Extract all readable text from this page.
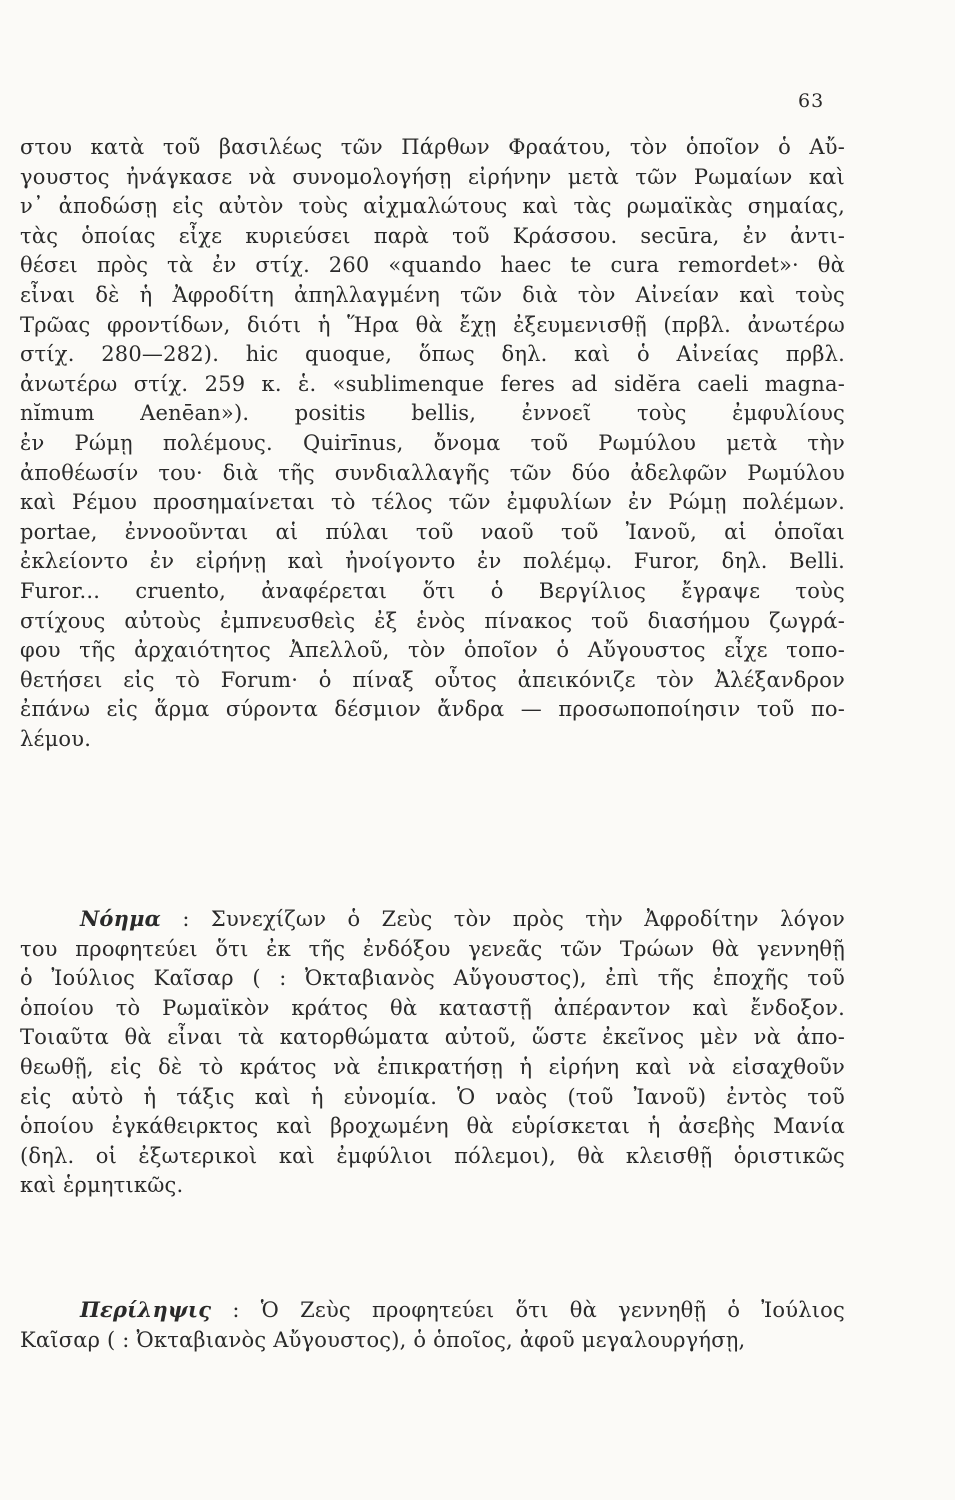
63
στου κατὰ τοῦ βασιλέως τῶν Πάρθων Φραάτου, τὸν ὁποῖον ὁ Αὔ-
γουστος ἠνάγκασε νὰ συνομολογήσῃ εἰρήνην μετὰ τῶν Ρωμαίων καὶ
ν᾽ ἀποδώσῃ εἰς αὐτὸν τοὺς αἰχμαλώτους καὶ τὰς ρωμαϊκὰς σημαίας,
τὰς ὁποίας εἶχε κυριεύσει παρὰ τοῦ Κράσσου. secūra, ἐν ἀντι-
θέσει πρὸς τὰ ἐν στίχ. 260 «quando haec te cura remordet»· θὰ
εἶναι δὲ ἡ Ἀφροδίτη ἀπηλλαγμένη τῶν διὰ τὸν Αἰνείαν καὶ τοὺς
Τρῶας φροντίδων, διότι ἡ Ἥρα θὰ ἔχῃ ἐξευμενισθῇ (πρβλ. ἀνωτέρω
στίχ. 280—282). hic quoque, ὅπως δηλ. καὶ ὁ Αἰνείας πρβλ.
ἀνωτέρω στίχ. 259 κ. ἑ. «sublimenque feres ad sidĕra caeli magna-
nĭmum Aenēan»). positis bellis, ἐννοεῖ τοὺς ἐμφυλίους
ἐν Ρώμῃ πολέμους. Quirīnus, ὄνομα τοῦ Ρωμύλου μετὰ τὴν
ἀποθέωσίν του· διὰ τῆς συνδιαλλαγῆς τῶν δύο ἀδελφῶν Ρωμύλου
καὶ Ρέμου προσημαίνεται τὸ τέλος τῶν ἐμφυλίων ἐν Ρώμῃ πολέμων.
portae, ἐννοοῦνται αἱ πύλαι τοῦ ναοῦ τοῦ Ἰανοῦ, αἱ ὁποῖαι
ἐκλείοντο ἐν εἰρήνῃ καὶ ἠνοίγοντο ἐν πολέμῳ. Furor, δηλ. Belli.
Furor... cruento, ἀναφέρεται ὅτι ὁ Βεργίλιος ἔγραψε τοὺς
στίχους αὐτοὺς ἐμπνευσθεὶς ἐξ ἑνὸς πίνακος τοῦ διασήμου ζωγρά-
φου τῆς ἀρχαιότητος Ἀπελλοῦ, τὸν ὁποῖον ὁ Αὔγουστος εἶχε τοπο-
θετήσει εἰς τὸ Forum· ὁ πίναξ οὗτος ἀπεικόνιζε τὸν Ἀλέξανδρον
ἐπάνω εἰς ἅρμα σύροντα δέσμιον ἄνδρα — προσωποποίησιν τοῦ πο-
λέμου.
Νόημα : Συνεχίζων ὁ Ζεὺς τὸν πρὸς τὴν Ἀφροδίτην λόγον
του προφητεύει ὅτι ἐκ τῆς ἐνδόξου γενεᾶς τῶν Τρώων θὰ γεννηθῇ
ὁ Ἰούλιος Καῖσαρ ( : Ὀκταβιανὸς Αὔγουστος), ἐπὶ τῆς ἐποχῆς τοῦ
ὁποίου τὸ Ρωμαϊκὸν κράτος θὰ καταστῇ ἀπέραντον καὶ ἔνδοξον.
Τοιαῦτα θὰ εἶναι τὰ κατορθώματα αὐτοῦ, ὥστε ἐκεῖνος μὲν νὰ ἀπο-
θεωθῇ, εἰς δὲ τὸ κράτος νὰ ἐπικρατήσῃ ἡ εἰρήνη καὶ νὰ εἰσαχθοῦν
εἰς αὐτὸ ἡ τάξις καὶ ἡ εὐνομία. Ὁ ναὸς (τοῦ Ἰανοῦ) ἐντὸς τοῦ
ὁποίου ἐγκάθειρκτος καὶ βροχωμένη θὰ εὑρίσκεται ἡ ἀσεβὴς Μανία
(δηλ. οἱ ἐξωτερικοὶ καὶ ἐμφύλιοι πόλεμοι), θὰ κλεισθῇ ὁριστικῶς
καὶ ἑρμητικῶς.
Περίληψις : Ὁ Ζεὺς προφητεύει ὅτι θὰ γεννηθῇ ὁ Ἰούλιος
Καῖσαρ ( : Ὀκταβιανὸς Αὔγουστος), ὁ ὁποῖος, ἀφοῦ μεγαλουργήσῃ,
